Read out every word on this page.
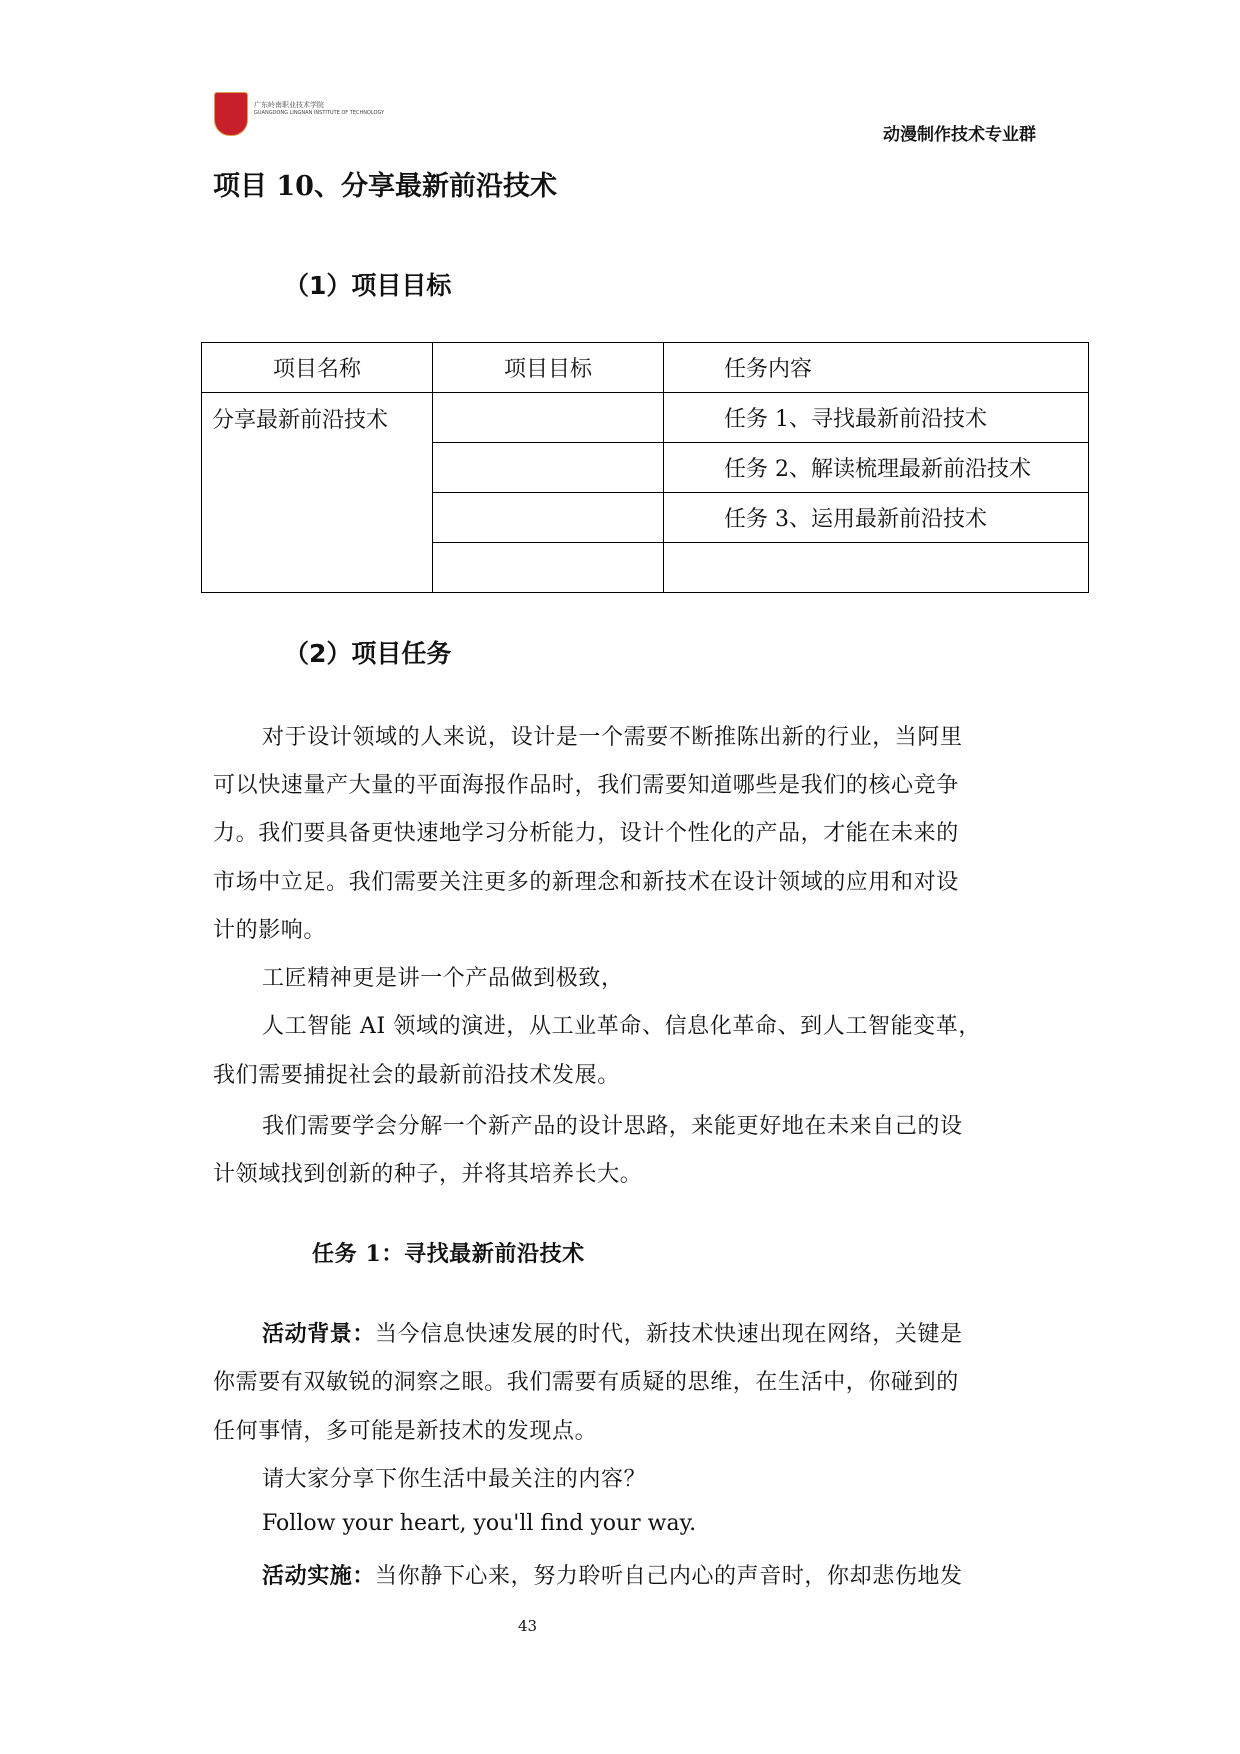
广东岭南职业技术学院
GUANGDONG LINGNAN INSTITUTE OF TECHNOLOGY
动漫制作技术专业群
项目 10、分享最新前沿技术
（1）项目目标
项目名称	项目目标	任务内容
分享最新前沿技术		任务 1、寻找最新前沿技术
		任务 2、解读梳理最新前沿技术
		任务 3、运用最新前沿技术

（2）项目任务
对于设计领域的人来说，设计是一个需要不断推陈出新的行业，当阿里
可以快速量产大量的平面海报作品时，我们需要知道哪些是我们的核心竞争
力。我们要具备更快速地学习分析能力，设计个性化的产品，才能在未来的
市场中立足。我们需要关注更多的新理念和新技术在设计领域的应用和对设
计的影响。
工匠精神更是讲一个产品做到极致，
人工智能 AI 领域的演进，从工业革命、信息化革命、到人工智能变革，
我们需要捕捉社会的最新前沿技术发展。
我们需要学会分解一个新产品的设计思路，来能更好地在未来自己的设
计领域找到创新的种子，并将其培养长大。
任务 1：寻找最新前沿技术
活动背景：当今信息快速发展的时代，新技术快速出现在网络，关键是
你需要有双敏锐的洞察之眼。我们需要有质疑的思维，在生活中，你碰到的
任何事情，多可能是新技术的发现点。
请大家分享下你生活中最关注的内容？
Follow your heart, you'll find your way.
活动实施：当你静下心来，努力聆听自己内心的声音时，你却悲伤地发
43
